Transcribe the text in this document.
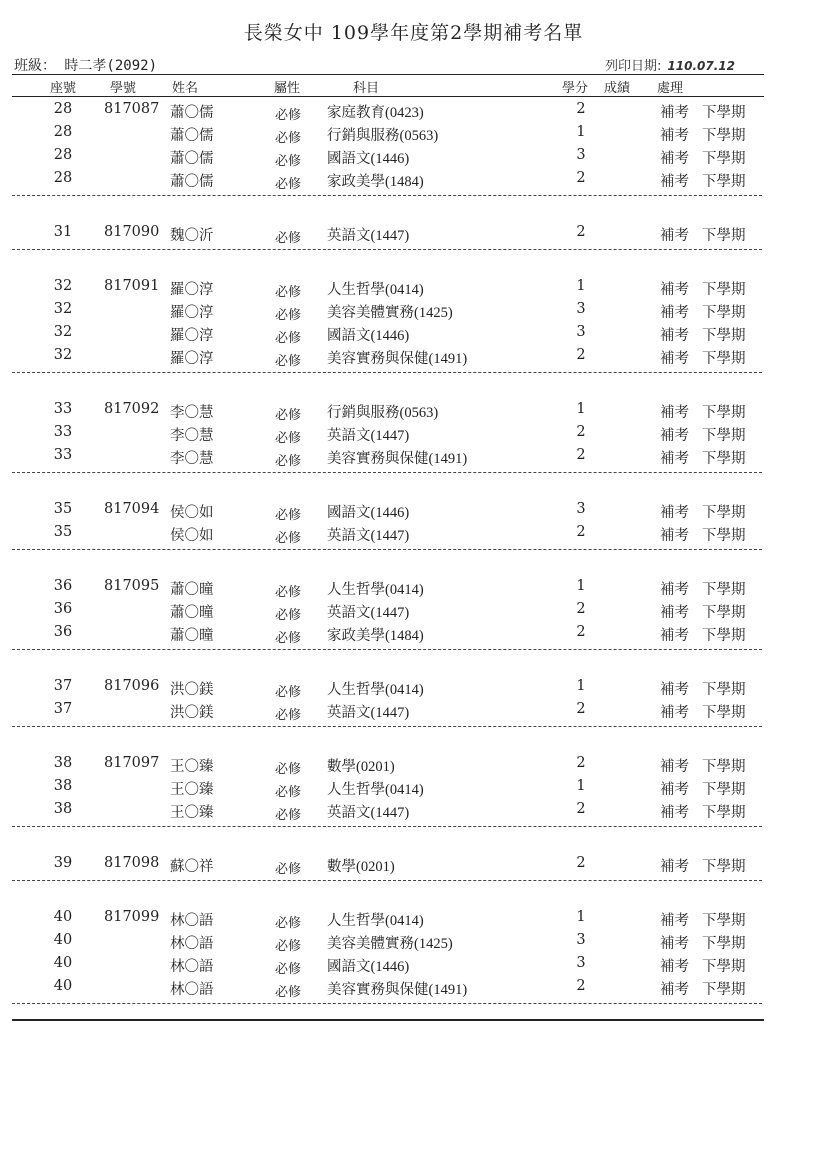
長榮女中 109學年度第2學期補考名單
班級： 時二孝(2092)	列印日期: 110.07.12
座號	學號	姓名	屬性	科目	學分 成績 處理
28	817087 蕭〇儒	必修 家庭教育(0423)	2	補考 下學期
28	蕭〇儒	必修 行銷與服務(0563)	1	補考 下學期
28	蕭〇儒	必修 國語文(1446)	3	補考 下學期
28	蕭〇儒	必修 家政美學(1484)	2	補考 下學期
31	817090 魏〇沂	必修 英語文(1447)	2	補考 下學期
32	817091 羅〇淳	必修 人生哲學(0414)	1	補考 下學期
32	羅〇淳	必修 美容美體實務(1425)	3	補考 下學期
32	羅〇淳	必修 國語文(1446)	3	補考 下學期
32	羅〇淳	必修 美容實務與保健(1491)	2	補考 下學期
33	817092 李〇慧	必修 行銷與服務(0563)	1	補考 下學期
33	李〇慧	必修 英語文(1447)	2	補考 下學期
33	李〇慧	必修 美容實務與保健(1491)	2	補考 下學期
35	817094 侯〇如	必修 國語文(1446)	3	補考 下學期
35	侯〇如	必修 英語文(1447)	2	補考 下學期
36	817095 蕭〇曈	必修 人生哲學(0414)	1	補考 下學期
36	蕭〇曈	必修 英語文(1447)	2	補考 下學期
36	蕭〇曈	必修 家政美學(1484)	2	補考 下學期
37	817096 洪〇鎂	必修 人生哲學(0414)	1	補考 下學期
37	洪〇鎂	必修 英語文(1447)	2	補考 下學期
38	817097 王〇臻	必修 數學(0201)	2	補考 下學期
38	王〇臻	必修 人生哲學(0414)	1	補考 下學期
38	王〇臻	必修 英語文(1447)	2	補考 下學期
39	817098 蘇〇祥	必修 數學(0201)	2	補考 下學期
40	817099 林〇語	必修 人生哲學(0414)	1	補考 下學期
40	林〇語	必修 美容美體實務(1425)	3	補考 下學期
40	林〇語	必修 國語文(1446)	3	補考 下學期
40	林〇語	必修 美容實務與保健(1491)	2	補考 下學期
